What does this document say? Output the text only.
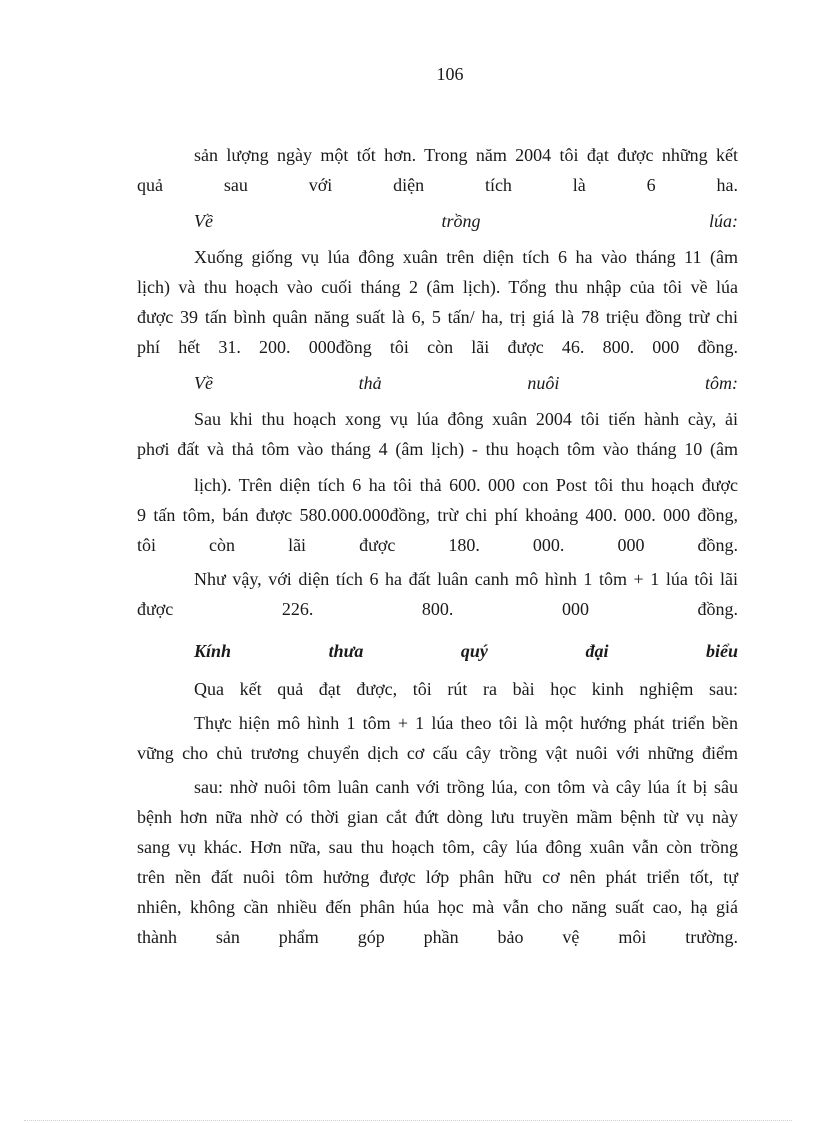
106
sản lượng ngày một tốt hơn. Trong năm 2004 tôi đạt được những kết
quả sau với diện tích là 6 ha.
Về trồng lúa:
Xuống giống vụ lúa đông xuân trên diện tích 6 ha vào tháng 11 (âm
lịch) và thu hoạch vào cuối tháng 2 (âm lịch). Tổng thu nhập của tôi về lúa
được 39 tấn bình quân năng suất là 6, 5 tấn/ ha, trị giá là 78 triệu đồng trừ chi
phí hết 31. 200. 000đồng tôi còn lãi được 46. 800. 000 đồng.
Về thả nuôi tôm:
Sau khi thu hoạch xong vụ lúa đông xuân 2004 tôi tiến hành cày, ải
phơi đất và thả tôm vào tháng 4 (âm lịch) - thu hoạch tôm vào tháng 10 (âm
lịch). Trên diện tích 6 ha tôi thả 600. 000 con Post tôi thu hoạch được
9 tấn tôm, bán được 580.000.000đồng, trừ chi phí khoảng 400. 000. 000 đồng,
tôi còn lãi được 180. 000. 000 đồng.
Như vậy, với diện tích 6 ha đất luân canh mô hình 1 tôm + 1 lúa tôi lãi
được 226. 800. 000 đồng.
Kính thưa quý đại biểu
Qua kết quả đạt được, tôi rút ra bài học kinh nghiệm sau:
Thực hiện mô hình 1 tôm + 1 lúa theo tôi là một hướng phát triển bền
vững cho chủ trương chuyển dịch cơ cấu cây trồng vật nuôi với những điểm
sau: nhờ nuôi tôm luân canh với trồng lúa, con tôm và cây lúa ít bị sâu
bệnh hơn nữa nhờ có thời gian cắt đứt dòng lưu truyền mầm bệnh từ vụ này
sang vụ khác. Hơn nữa, sau thu hoạch tôm, cây lúa đông xuân vẫn còn trồng
trên nền đất nuôi tôm hưởng được lớp phân hữu cơ nên phát triển tốt, tự
nhiên, không cần nhiều đến phân húa học mà vẫn cho năng suất cao, hạ giá
thành sản phẩm góp phần bảo vệ môi trường.
